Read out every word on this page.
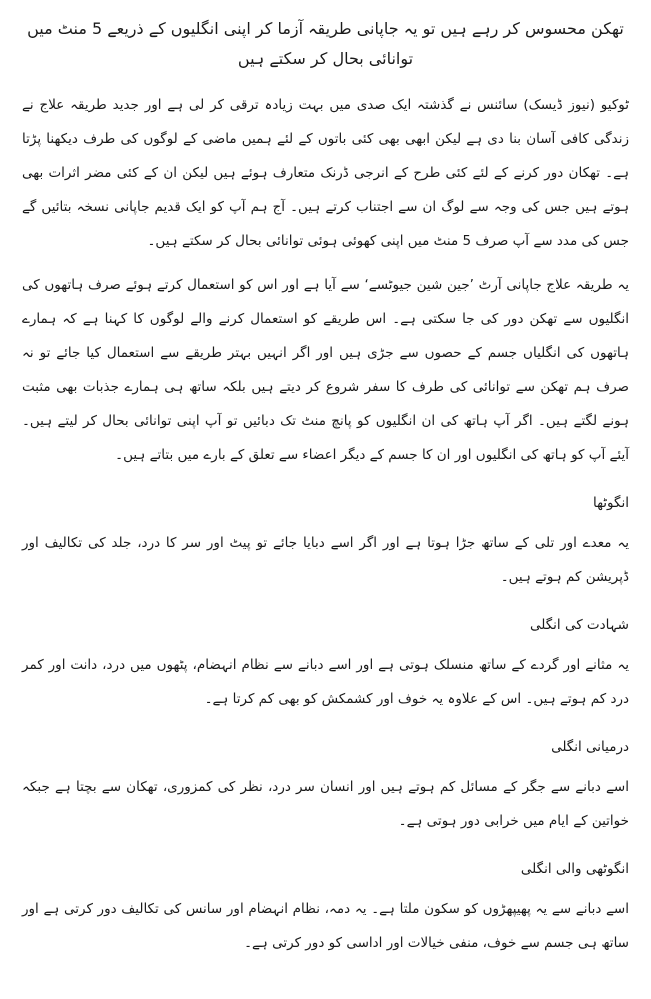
تھکن محسوس کر رہے ہیں تو یہ جاپانی طریقہ آزما کر اپنی انگلیوں کے ذریعے 5 منٹ میں توانائی بحال کر سکتے ہیں

ٹوکیو (نیوز ڈیسک) سائنس نے گذشتہ ایک صدی میں بہت زیادہ ترقی کر لی ہے اور جدید طریقہ علاج نے زندگی کافی آسان بنا دی ہے لیکن ابھی بھی کئی باتوں کے لئے ہمیں ماضی کے لوگوں کی طرف دیکھنا پڑتا ہے۔ تھکان دور کرنے کے لئے کئی طرح کے انرجی ڈرنک متعارف ہوئے ہیں لیکن ان کے کئی مضر اثرات بھی ہوتے ہیں جس کی وجہ سے لوگ ان سے اجتناب کرتے ہیں۔ آج ہم آپ کو ایک قدیم جاپانی نسخہ بتائیں گے جس کی مدد سے آپ صرف 5 منٹ میں اپنی کھوئی ہوئی توانائی بحال کر سکتے ہیں۔

یہ طریقہ علاج جاپانی آرٹ ’جین شین جیوٹسے‘ سے آیا ہے اور اس کو استعمال کرتے ہوئے صرف ہاتھوں کی انگلیوں سے تھکن دور کی جا سکتی ہے۔ اس طریقے کو استعمال کرنے والے لوگوں کا کہنا ہے کہ ہمارے ہاتھوں کی انگلیاں جسم کے حصوں سے جڑی ہیں اور اگر انہیں بہتر طریقے سے استعمال کیا جائے تو نہ صرف ہم تھکن سے توانائی کی طرف کا سفر شروع کر دیتے ہیں بلکہ ساتھ ہی ہمارے جذبات بھی مثبت ہونے لگتے ہیں۔ اگر آپ ہاتھ کی ان انگلیوں کو پانچ منٹ تک دبائیں تو آپ اپنی توانائی بحال کر لیتے ہیں۔ آیئے آپ کو ہاتھ کی انگلیوں اور ان کا جسم کے دیگر اعضاء سے تعلق کے بارے میں بتاتے ہیں۔

انگوٹھا

یہ معدے اور تلی کے ساتھ جڑا ہوتا ہے اور اگر اسے دبایا جائے تو پیٹ اور سر کا درد، جلد کی تکالیف اور ڈپریشن کم ہوتے ہیں۔

شہادت کی انگلی

یہ مثانے اور گردے کے ساتھ منسلک ہوتی ہے اور اسے دبانے سے نظام انہضام، پٹھوں میں درد، دانت اور کمر درد کم ہوتے ہیں۔ اس کے علاوہ یہ خوف اور کشمکش کو بھی کم کرتا ہے۔

درمیانی انگلی

اسے دبانے سے جگر کے مسائل کم ہوتے ہیں اور انسان سر درد، نظر کی کمزوری، تھکان سے بچتا ہے جبکہ خواتین کے ایام میں خرابی دور ہوتی ہے۔

انگوٹھی والی انگلی

اسے دبانے سے یہ پھیپھڑوں کو سکون ملتا ہے۔ یہ دمہ، نظام انہضام اور سانس کی تکالیف دور کرتی ہے اور ساتھ ہی جسم سے خوف، منفی خیالات اور اداسی کو دور کرتی ہے۔
